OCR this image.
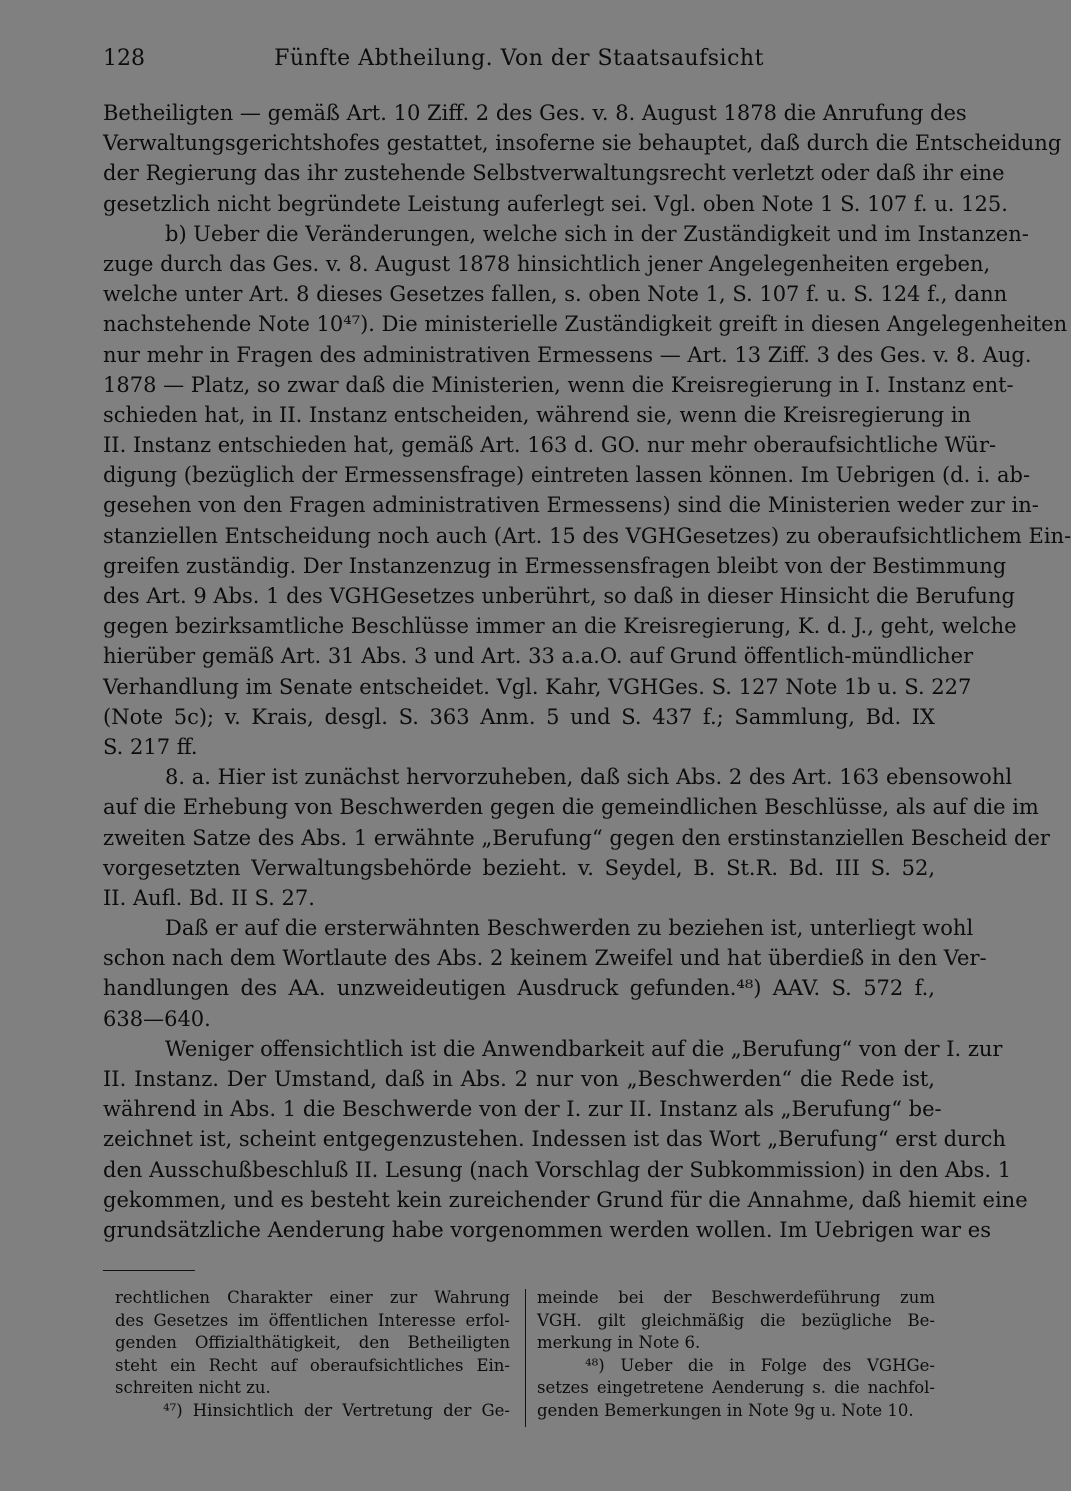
128	Fünfte Abtheilung. Von der Staatsaufsicht
Betheiligten — gemäß Art. 10 Ziff. 2 des Ges. v. 8. August 1878 die Anrufung des
Verwaltungsgerichtshofes gestattet, insoferne sie behauptet, daß durch die Entscheidung
der Regierung das ihr zustehende Selbstverwaltungsrecht verletzt oder daß ihr eine
gesetzlich nicht begründete Leistung auferlegt sei. Vgl. oben Note 1 S. 107 f. u. 125.
b) Ueber die Veränderungen, welche sich in der Zuständigkeit und im Instanzen-
zuge durch das Ges. v. 8. August 1878 hinsichtlich jener Angelegenheiten ergeben,
welche unter Art. 8 dieses Gesetzes fallen, s. oben Note 1, S. 107 f. u. S. 124 f., dann
nachstehende Note 10⁴⁷). Die ministerielle Zuständigkeit greift in diesen Angelegenheiten
nur mehr in Fragen des administrativen Ermessens — Art. 13 Ziff. 3 des Ges. v. 8. Aug.
1878 — Platz, so zwar daß die Ministerien, wenn die Kreisregierung in I. Instanz ent-
schieden hat, in II. Instanz entscheiden, während sie, wenn die Kreisregierung in
II. Instanz entschieden hat, gemäß Art. 163 d. GO. nur mehr oberaufsichtliche Wür-
digung (bezüglich der Ermessensfrage) eintreten lassen können. Im Uebrigen (d. i. ab-
gesehen von den Fragen administrativen Ermessens) sind die Ministerien weder zur in-
stanziellen Entscheidung noch auch (Art. 15 des VGHGesetzes) zu oberaufsichtlichem Ein-
greifen zuständig. Der Instanzenzug in Ermessensfragen bleibt von der Bestimmung
des Art. 9 Abs. 1 des VGHGesetzes unberührt, so daß in dieser Hinsicht die Berufung
gegen bezirksamtliche Beschlüsse immer an die Kreisregierung, K. d. J., geht, welche
hierüber gemäß Art. 31 Abs. 3 und Art. 33 a.a.O. auf Grund öffentlich-mündlicher
Verhandlung im Senate entscheidet. Vgl. Kahr, VGHGes. S. 127 Note 1b u. S. 227
(Note 5c); v. Krais, desgl. S. 363 Anm. 5 und S. 437 f.; Sammlung, Bd. IX
S. 217 ff.
8. a. Hier ist zunächst hervorzuheben, daß sich Abs. 2 des Art. 163 ebensowohl
auf die Erhebung von Beschwerden gegen die gemeindlichen Beschlüsse, als auf die im
zweiten Satze des Abs. 1 erwähnte „Berufung“ gegen den erstinstanziellen Bescheid der
vorgesetzten Verwaltungsbehörde bezieht. v. Seydel, B. St.R. Bd. III S. 52,
II. Aufl. Bd. II S. 27.
Daß er auf die ersterwähnten Beschwerden zu beziehen ist, unterliegt wohl
schon nach dem Wortlaute des Abs. 2 keinem Zweifel und hat überdieß in den Ver-
handlungen des AA. unzweideutigen Ausdruck gefunden.⁴⁸) AAV. S. 572 f.,
638—640.
Weniger offensichtlich ist die Anwendbarkeit auf die „Berufung“ von der I. zur
II. Instanz. Der Umstand, daß in Abs. 2 nur von „Beschwerden“ die Rede ist,
während in Abs. 1 die Beschwerde von der I. zur II. Instanz als „Berufung“ be-
zeichnet ist, scheint entgegenzustehen. Indessen ist das Wort „Berufung“ erst durch
den Ausschußbeschluß II. Lesung (nach Vorschlag der Subkommission) in den Abs. 1
gekommen, und es besteht kein zureichender Grund für die Annahme, daß hiemit eine
grundsätzliche Aenderung habe vorgenommen werden wollen. Im Uebrigen war es
rechtlichen Charakter einer zur Wahrung
des Gesetzes im öffentlichen Interesse erfol-
genden Offizialthätigkeit, den Betheiligten
steht ein Recht auf oberaufsichtliches Ein-
schreiten nicht zu.
⁴⁷) Hinsichtlich der Vertretung der Ge-
meinde bei der Beschwerdeführung zum
VGH. gilt gleichmäßig die bezügliche Be-
merkung in Note 6.
⁴⁸) Ueber die in Folge des VGHGe-
setzes eingetretene Aenderung s. die nachfol-
genden Bemerkungen in Note 9g u. Note 10.
